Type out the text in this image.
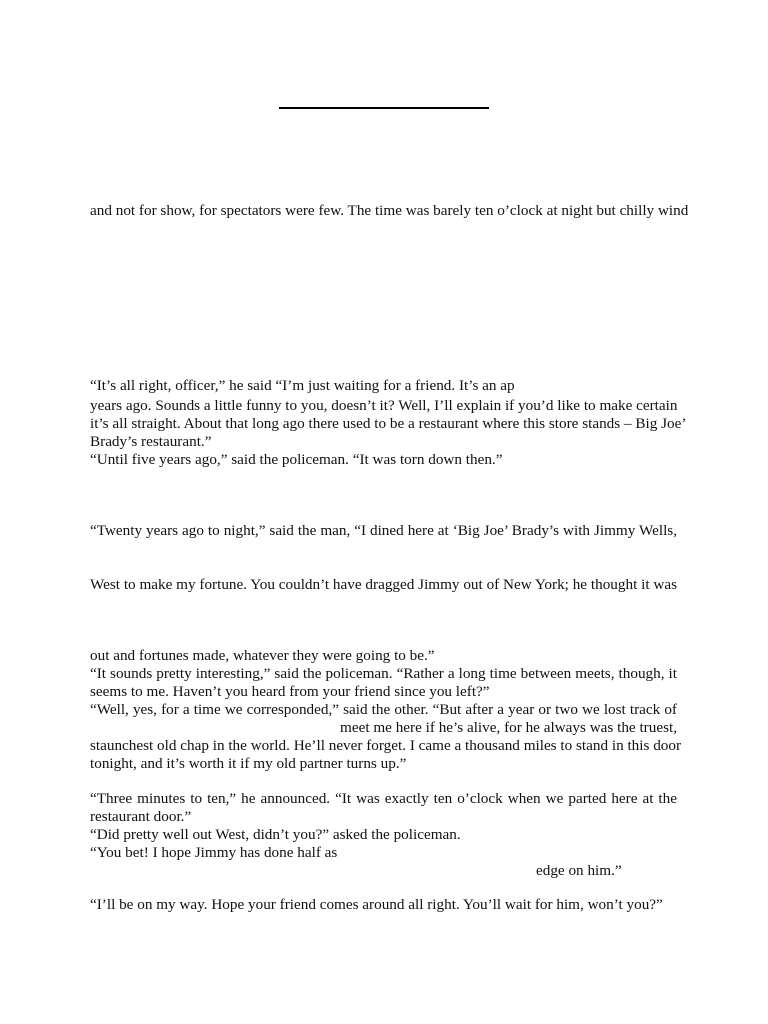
and not for show, for spectators were few. The time was barely ten o’clock at night but chilly wind
“It’s all right, officer,” he said “I’m just waiting for a friend. It’s an ap
years ago. Sounds a little funny to you, doesn’t it? Well, I’ll explain if you’d like to make certain
it’s all straight. About that long ago there used to be a restaurant where this store stands – Big Joe’
Brady’s restaurant.”
“Until five years ago,” said the policeman. “It was torn down then.”
“Twenty years ago to night,” said the man, “I dined here at ‘Big Joe’ Brady’s with Jimmy Wells,
West to make my fortune. You couldn’t have dragged Jimmy out of New York; he thought it was
out and fortunes made, whatever they were going to be.”
“It sounds pretty interesting,” said the policeman. “Rather a long time between meets, though, it
seems to me. Haven’t you heard from your friend since you left?”
“Well, yes, for a time we corresponded,” said the other. “But after a year or two we lost track of
meet me here if he’s alive, for he always was the truest,
staunchest old chap in the world. He’ll never forget. I came a thousand miles to stand in this door
tonight, and it’s worth it if my old partner turns up.”
“Three minutes to ten,” he announced. “It was exactly ten o’clock when we parted here at the
restaurant door.”
“Did pretty well out West, didn’t you?” asked the policeman.
“You bet! I hope Jimmy has done half as
edge on him.”
“I’ll be on my way. Hope your friend comes around all right. You’ll wait for him, won’t you?”
